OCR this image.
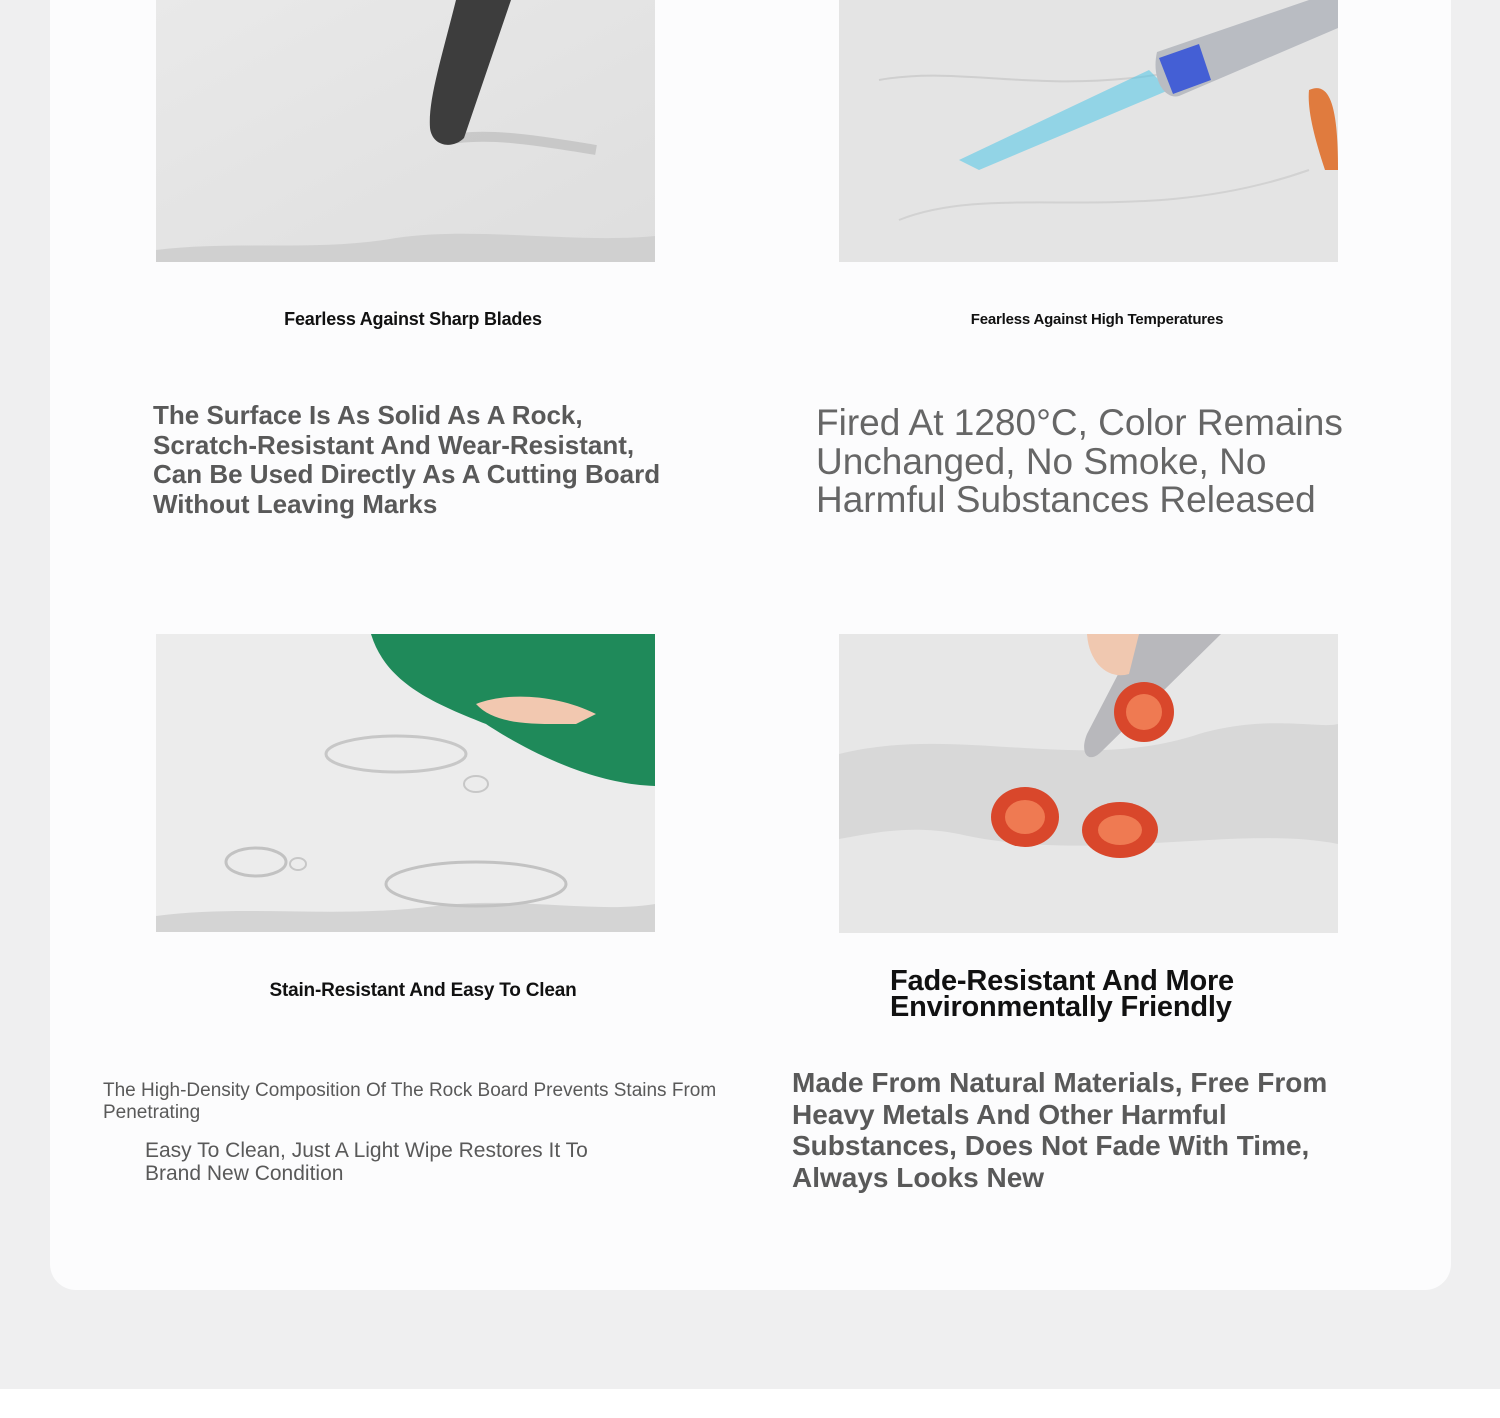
Fearless Against Sharp Blades	Fearless Against High Temperatures
Stain-Resistant And Easy To Clean	Fade-Resistant And More Environmentally Friendly
The Surface Is As Solid As A Rock, Scratch-Resistant And Wear-Resistant, Can Be Used Directly As A Cutting Board Without Leaving Marks
Fired At 1280°C, Color Remains Unchanged, No Smoke, No Harmful Substances Released
The High-Density Composition Of The Rock Board Prevents Stains From Penetrating
Easy To Clean, Just A Light Wipe Restores It To Brand New Condition
Made From Natural Materials, Free From Heavy Metals And Other Harmful Substances, Does Not Fade With Time, Always Looks New
